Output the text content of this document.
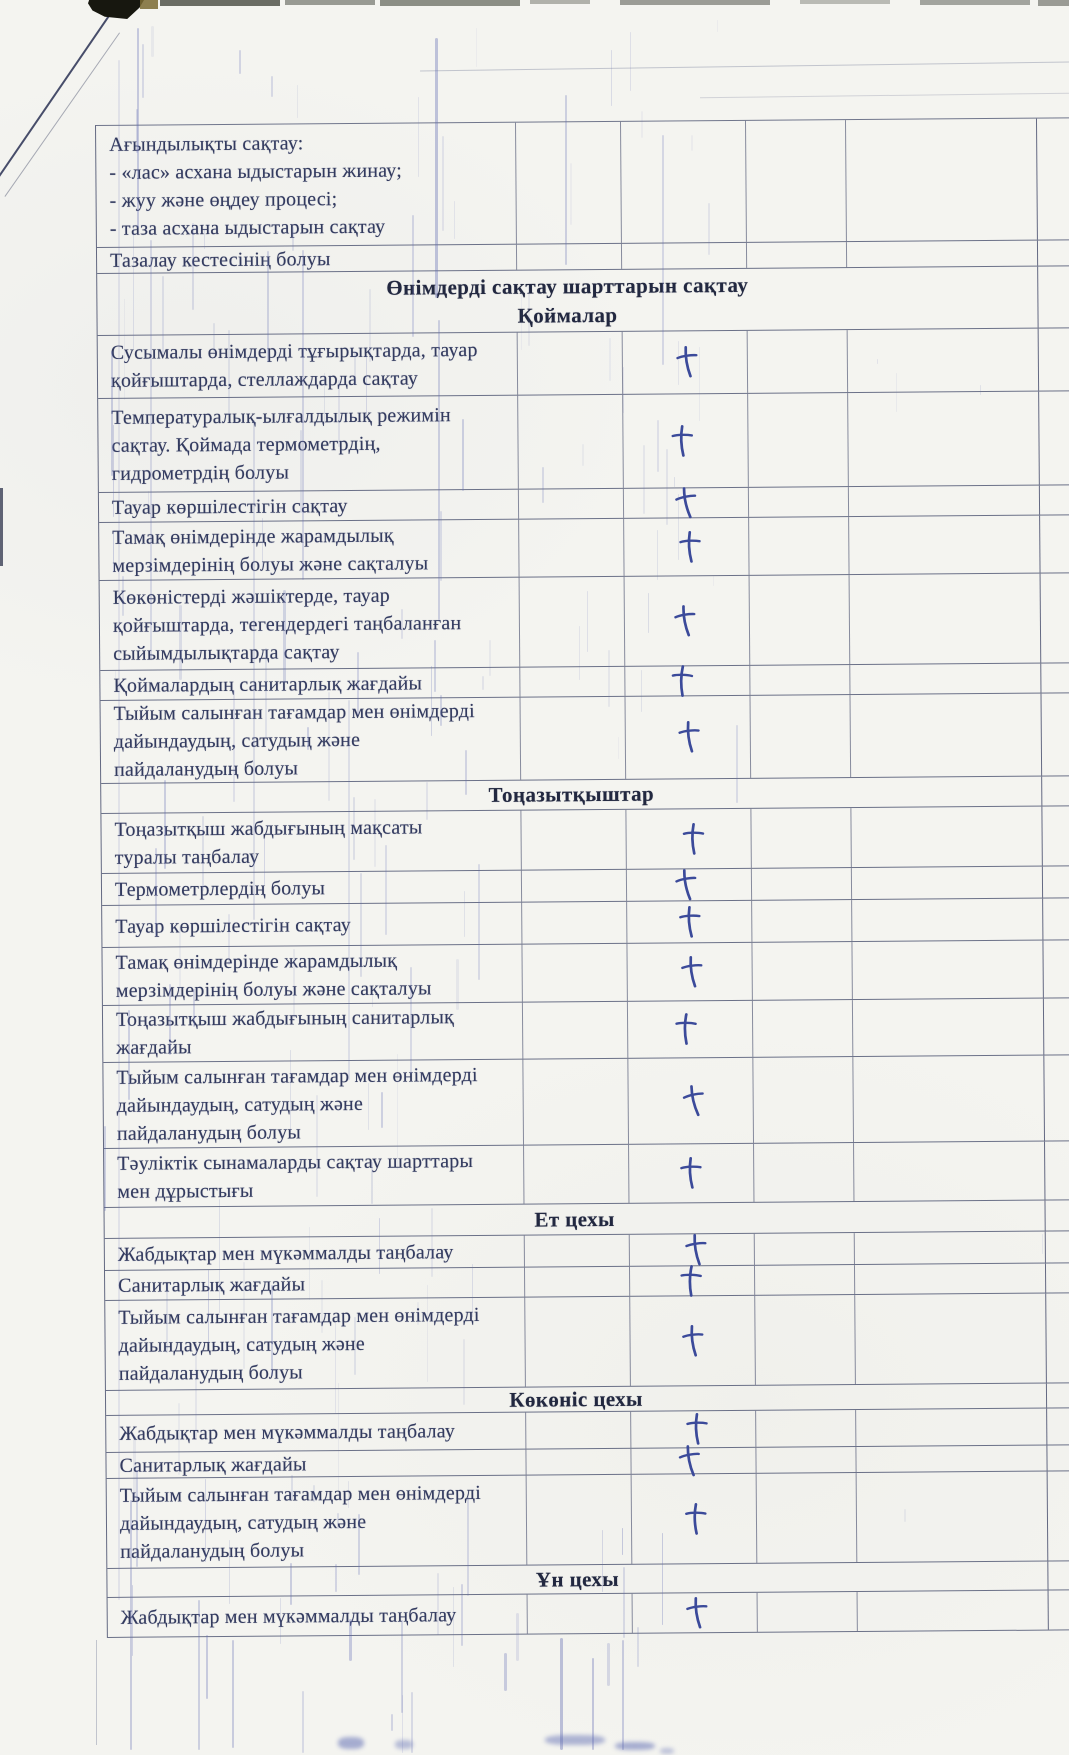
Ағындылықты сақтау:
- «лас» асхана ыдыстарын жинау;
- жуу және өңдеу процесі;
- таза асхана ыдыстарын сақтау
Тазалау кестесінің болуы
Өнімдерді сақтау шарттарын сақтау
Қоймалар
Сусымалы өнімдерді тұғырықтарда, тауар
қойғыштарда, стеллаждарда сақтау
Температуралық-ылғалдылық режимін
сақтау. Қоймада термометрдің,
гидрометрдің болуы
Тауар көршілестігін сақтау
Тамақ өнімдерінде жарамдылық
мерзімдерінің болуы және сақталуы
Көкөністерді жәшіктерде, тауар
қойғыштарда, тегендердегі таңбаланған
сыйымдылықтарда сақтау
Қоймалардың санитарлық жағдайы
Тыйым салынған тағамдар мен өнімдерді
дайындаудың, сатудың және
пайдаланудың болуы
Тоңазытқыштар
Тоңазытқыш жабдығының мақсаты
туралы таңбалау
Термометрлердің болуы
Тауар көршілестігін сақтау
Тамақ өнімдерінде жарамдылық
мерзімдерінің болуы және сақталуы
Тоңазытқыш жабдығының санитарлық
жағдайы
Тыйым салынған тағамдар мен өнімдерді
дайындаудың, сатудың және
пайдаланудың болуы
Тәуліктік сынамаларды сақтау шарттары
мен дұрыстығы
Ет цехы
Жабдықтар мен мүкәммалды таңбалау
Санитарлық жағдайы
Тыйым салынған тағамдар мен өнімдерді
дайындаудың, сатудың және
пайдаланудың болуы
Көкөніс цехы
Жабдықтар мен мүкәммалды таңбалау
Санитарлық жағдайы
Тыйым салынған тағамдар мен өнімдерді
дайындаудың, сатудың және
пайдаланудың болуы
Ұн цехы
Жабдықтар мен мүкәммалды таңбалау
